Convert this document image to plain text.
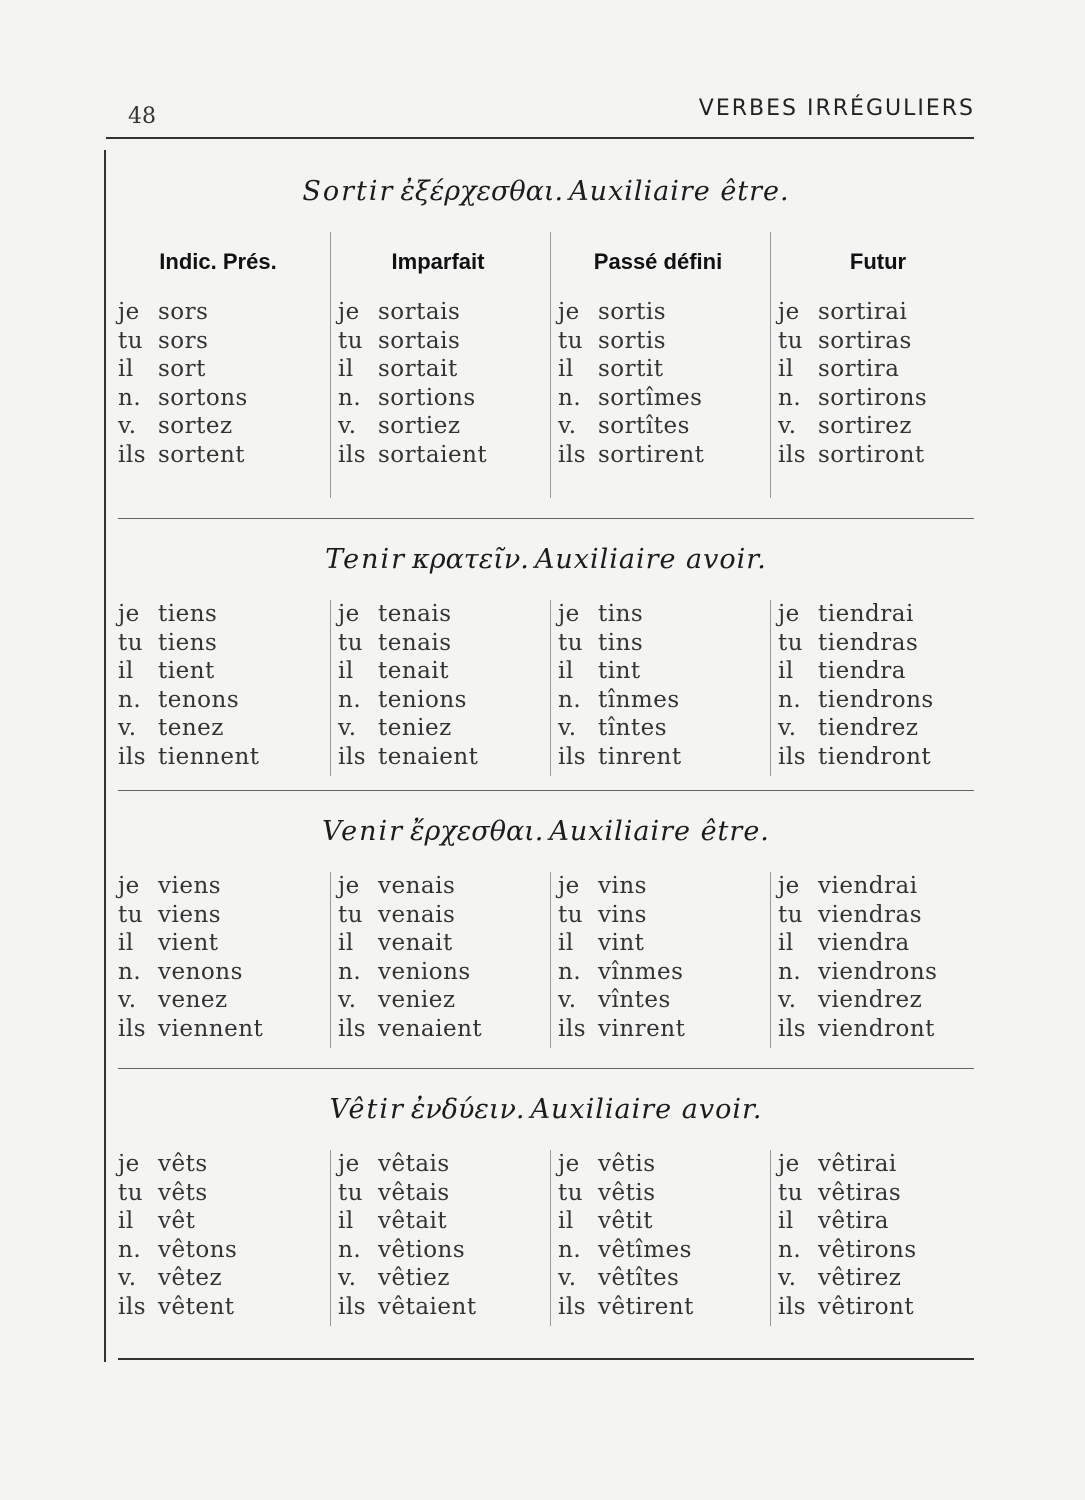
48	VERBES IRRÉGULIERS
Sortir ἐξέρχεσθαι. Auxiliaire être.
Indic. Prés.
je sors
tu sors
il sort
n. sortons
v. sortez
ils sortent
Imparfait
je sortais
tu sortais
il sortait
n. sortions
v. sortiez
ils sortaient
Passé défini
je sortis
tu sortis
il sortit
n. sortîmes
v. sortîtes
ils sortirent
Futur
je sortirai
tu sortiras
il sortira
n. sortirons
v. sortirez
ils sortiront
Tenir κρατεῖν. Auxiliaire avoir.
je tiens
tu tiens
il tient
n. tenons
v. tenez
ils tiennent
je tenais
tu tenais
il tenait
n. tenions
v. teniez
ils tenaient
je tins
tu tins
il tint
n. tînmes
v. tîntes
ils tinrent
je tiendrai
tu tiendras
il tiendra
n. tiendrons
v. tiendrez
ils tiendront
Venir ἔρχεσθαι. Auxiliaire être.
je viens
tu viens
il vient
n. venons
v. venez
ils viennent
je venais
tu venais
il venait
n. venions
v. veniez
ils venaient
je vins
tu vins
il vint
n. vînmes
v. vîntes
ils vinrent
je viendrai
tu viendras
il viendra
n. viendrons
v. viendrez
ils viendront
Vêtir ἐνδύειν. Auxiliaire avoir.
je vêts
tu vêts
il vêt
n. vêtons
v. vêtez
ils vêtent
je vêtais
tu vêtais
il vêtait
n. vêtions
v. vêtiez
ils vêtaient
je vêtis
tu vêtis
il vêtit
n. vêtîmes
v. vêtîtes
ils vêtirent
je vêtirai
tu vêtiras
il vêtira
n. vêtirons
v. vêtirez
ils vêtiront
